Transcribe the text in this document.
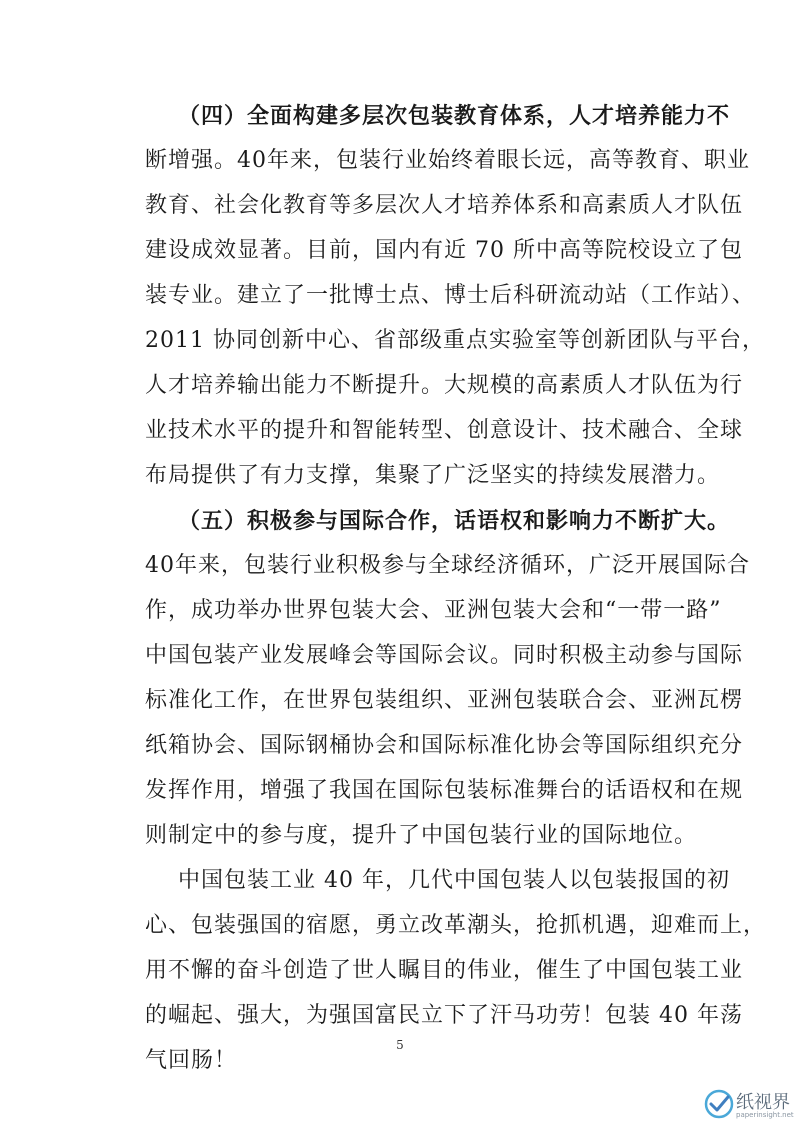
（四）全面构建多层次包装教育体系，人才培养能力不
断增强。40年来，包装行业始终着眼长远，高等教育、职业
教育、社会化教育等多层次人才培养体系和高素质人才队伍
建设成效显著。目前，国内有近 70 所中高等院校设立了包
装专业。建立了一批博士点、博士后科研流动站（工作站）、
2011 协同创新中心、省部级重点实验室等创新团队与平台，
人才培养输出能力不断提升。大规模的高素质人才队伍为行
业技术水平的提升和智能转型、创意设计、技术融合、全球
布局提供了有力支撑，集聚了广泛坚实的持续发展潜力。
（五）积极参与国际合作，话语权和影响力不断扩大。
40年来，包装行业积极参与全球经济循环，广泛开展国际合
作，成功举办世界包装大会、亚洲包装大会和“一带一路”
中国包装产业发展峰会等国际会议。同时积极主动参与国际
标准化工作，在世界包装组织、亚洲包装联合会、亚洲瓦楞
纸箱协会、国际钢桶协会和国际标准化协会等国际组织充分
发挥作用，增强了我国在国际包装标准舞台的话语权和在规
则制定中的参与度，提升了中国包装行业的国际地位。
中国包装工业 40 年，几代中国包装人以包装报国的初
心、包装强国的宿愿，勇立改革潮头，抢抓机遇，迎难而上，
用不懈的奋斗创造了世人瞩目的伟业，催生了中国包装工业
的崛起、强大，为强国富民立下了汗马功劳！包装 40 年荡
气回肠！
5
纸视界
paperinsight.net
